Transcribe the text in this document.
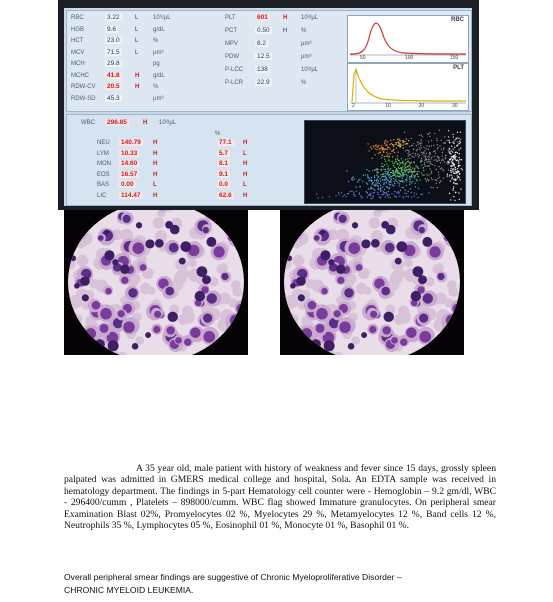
RBC	3.22	L 10⁶/µL
HGB	9.6	L g/dL
HCT	23.0	L %
MCV	71.5	L µm³
MCH	29.8	pg
MCHC	41.8	H g/dL
RDW-CV	20.5	H %
RDW-SD	45.3	µm³
PLT	601	H 10³/µL
PCT	0.50	H %
MPV	8.2	µm³
PDW	12.5	µm³
P-LCC	138	10³/µL
P-LCR	22.9	%
RBC
50	100	150
PLT
2	10	20	30
WBC	296.85	H 10³/µL
%
NEU	140.79	H	77.1	H
LYM	10.33	H	5.7	L
MON	14.60	H	8.1	H
EOS	16.57	H	9.1	H
BAS	0.00	L	0.0	L
LIC	114.47	H	62.6	H
A 35 year old, male patient with history of weakness and fever since 15 days, grossly spleen palpated was admitted in GMERS medical college and hospital, Sola. An EDTA sample was received in hematology department. The findings in 5-part Hematology cell counter were - Hemoglobin – 9.2 gm/dl, WBC - 296400/cumm , Platelets – 898000/cumm. WBC flag showed Immature granulocytes. On peripheral smear Examination Blast 02%, Promyelocytes 02 %, Myelocytes 29 %, Metamyelocytes 12 %, Band cells 12 %, Neutrophils 35 %, Lymphocytes 05 %, Eosinophil 01 %, Monocyte 01 %, Basophil 01 %.
Overall peripheral smear findings are suggestive of Chronic Myeloproliferative Disorder –
CHRONIC MYELOID LEUKEMIA.
